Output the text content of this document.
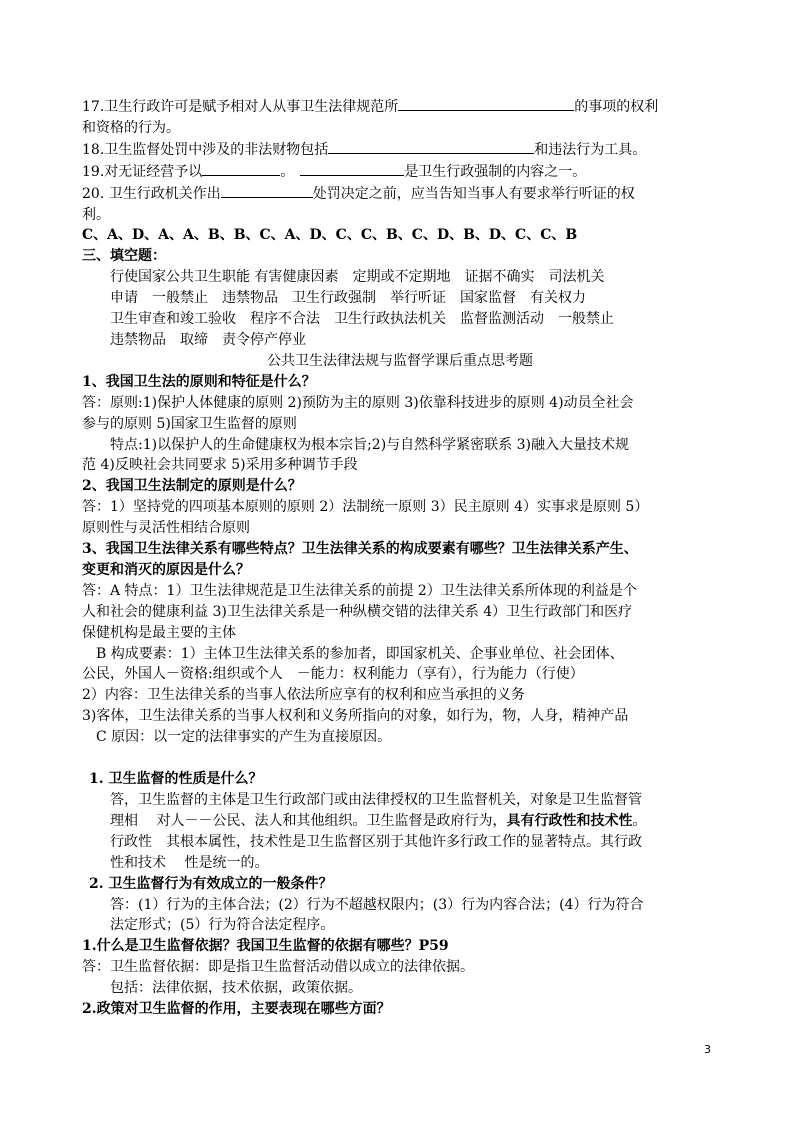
17.卫生行政许可是赋予相对人从事卫生法律规范所	的事项的权利

和资格的行为。

18.卫生监督处罚中涉及的非法财物包括	和违法行为工具。

19.对无证经营予以	。	是卫生行政强制的内容之一。

20. 卫生行政机关作出	处罚决定之前，应当告知当事人有要求举行听证的权

利。

C、A、D、A、A、B、B、C、A、D、C、C、B、C、D、B、D、C、C、B

三、填空题：

行使国家公共卫生职能 有害健康因素　定期或不定期地　证据不确实　司法机关

申请　一般禁止　违禁物品　卫生行政强制　举行听证　国家监督　有关权力

卫生审查和竣工验收　程序不合法　卫生行政执法机关　监督监测活动　一般禁止

违禁物品　取缔　责令停产停业

公共卫生法律法规与监督学课后重点思考题

1、我国卫生法的原则和特征是什么？

答：原则:1)保护人体健康的原则 2)预防为主的原则 3)依靠科技进步的原则 4)动员全社会

参与的原则 5)国家卫生监督的原则

特点:1)以保护人的生命健康权为根本宗旨;2)与自然科学紧密联系 3)融入大量技术规

范 4)反映社会共同要求 5)采用多种调节手段

2、我国卫生法制定的原则是什么？

答：1）坚持党的四项基本原则的原则 2）法制统一原则 3）民主原则 4）实事求是原则 5）

原则性与灵活性相结合原则

3、我国卫生法律关系有哪些特点？卫生法律关系的构成要素有哪些？卫生法律关系产生、

变更和消灭的原因是什么？

答：A 特点：1）卫生法律规范是卫生法律关系的前提 2）卫生法律关系所体现的利益是个

人和社会的健康利益 3)卫生法律关系是一种纵横交错的法律关系 4）卫生行政部门和医疗

保健机构是最主要的主体

B 构成要素：1）主体卫生法律关系的参加者，即国家机关、企事业单位、社会团体、

公民，外国人－资格:组织或个人　－能力：权利能力（享有），行为能力（行使）

2）内容：卫生法律关系的当事人依法所应享有的权利和应当承担的义务

3)客体，卫生法律关系的当事人权利和义务所指向的对象，如行为，物，人身，精神产品

C 原因：以一定的法律事实的产生为直接原因。

1. 卫生监督的性质是什么？

答，卫生监督的主体是卫生行政部门或由法律授权的卫生监督机关，对象是卫生监督管

理相　 对人－－公民、法人和其他组织。卫生监督是政府行为，具有行政性和技术性。

行政性　其根本属性，技术性是卫生监督区别于其他许多行政工作的显著特点。其行政

性和技术　 性是统一的。

2. 卫生监督行为有效成立的一般条件？

答：(1）行为的主体合法；(2）行为不超越权限内；(3）行为内容合法；(4）行为符合

法定形式；(5）行为符合法定程序。

1.什么是卫生监督依据？我国卫生监督的依据有哪些？P59

答：卫生监督依据：即是指卫生监督活动借以成立的法律依据。

包括：法律依据，技术依据，政策依据。

2.政策对卫生监督的作用，主要表现在哪些方面？

3
